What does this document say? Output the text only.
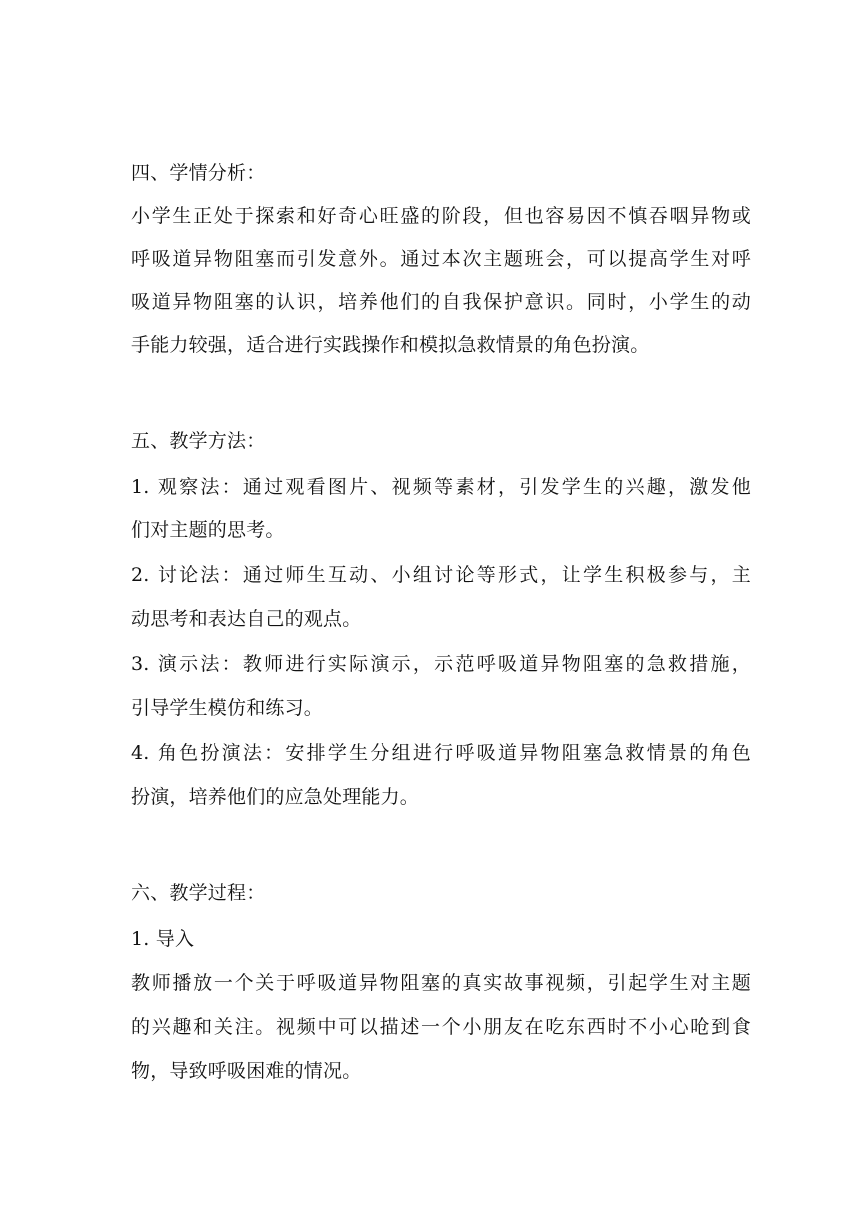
四、学情分析：
小学生正处于探索和好奇心旺盛的阶段，但也容易因不慎吞咽异物或
呼吸道异物阻塞而引发意外。通过本次主题班会，可以提高学生对呼
吸道异物阻塞的认识，培养他们的自我保护意识。同时，小学生的动
手能力较强，适合进行实践操作和模拟急救情景的角色扮演。
五、教学方法：
1. 观察法：通过观看图片、视频等素材，引发学生的兴趣，激发他
们对主题的思考。
2. 讨论法：通过师生互动、小组讨论等形式，让学生积极参与，主
动思考和表达自己的观点。
3. 演示法：教师进行实际演示，示范呼吸道异物阻塞的急救措施，
引导学生模仿和练习。
4. 角色扮演法：安排学生分组进行呼吸道异物阻塞急救情景的角色
扮演，培养他们的应急处理能力。
六、教学过程：
1. 导入
教师播放一个关于呼吸道异物阻塞的真实故事视频，引起学生对主题
的兴趣和关注。视频中可以描述一个小朋友在吃东西时不小心呛到食
物，导致呼吸困难的情况。
